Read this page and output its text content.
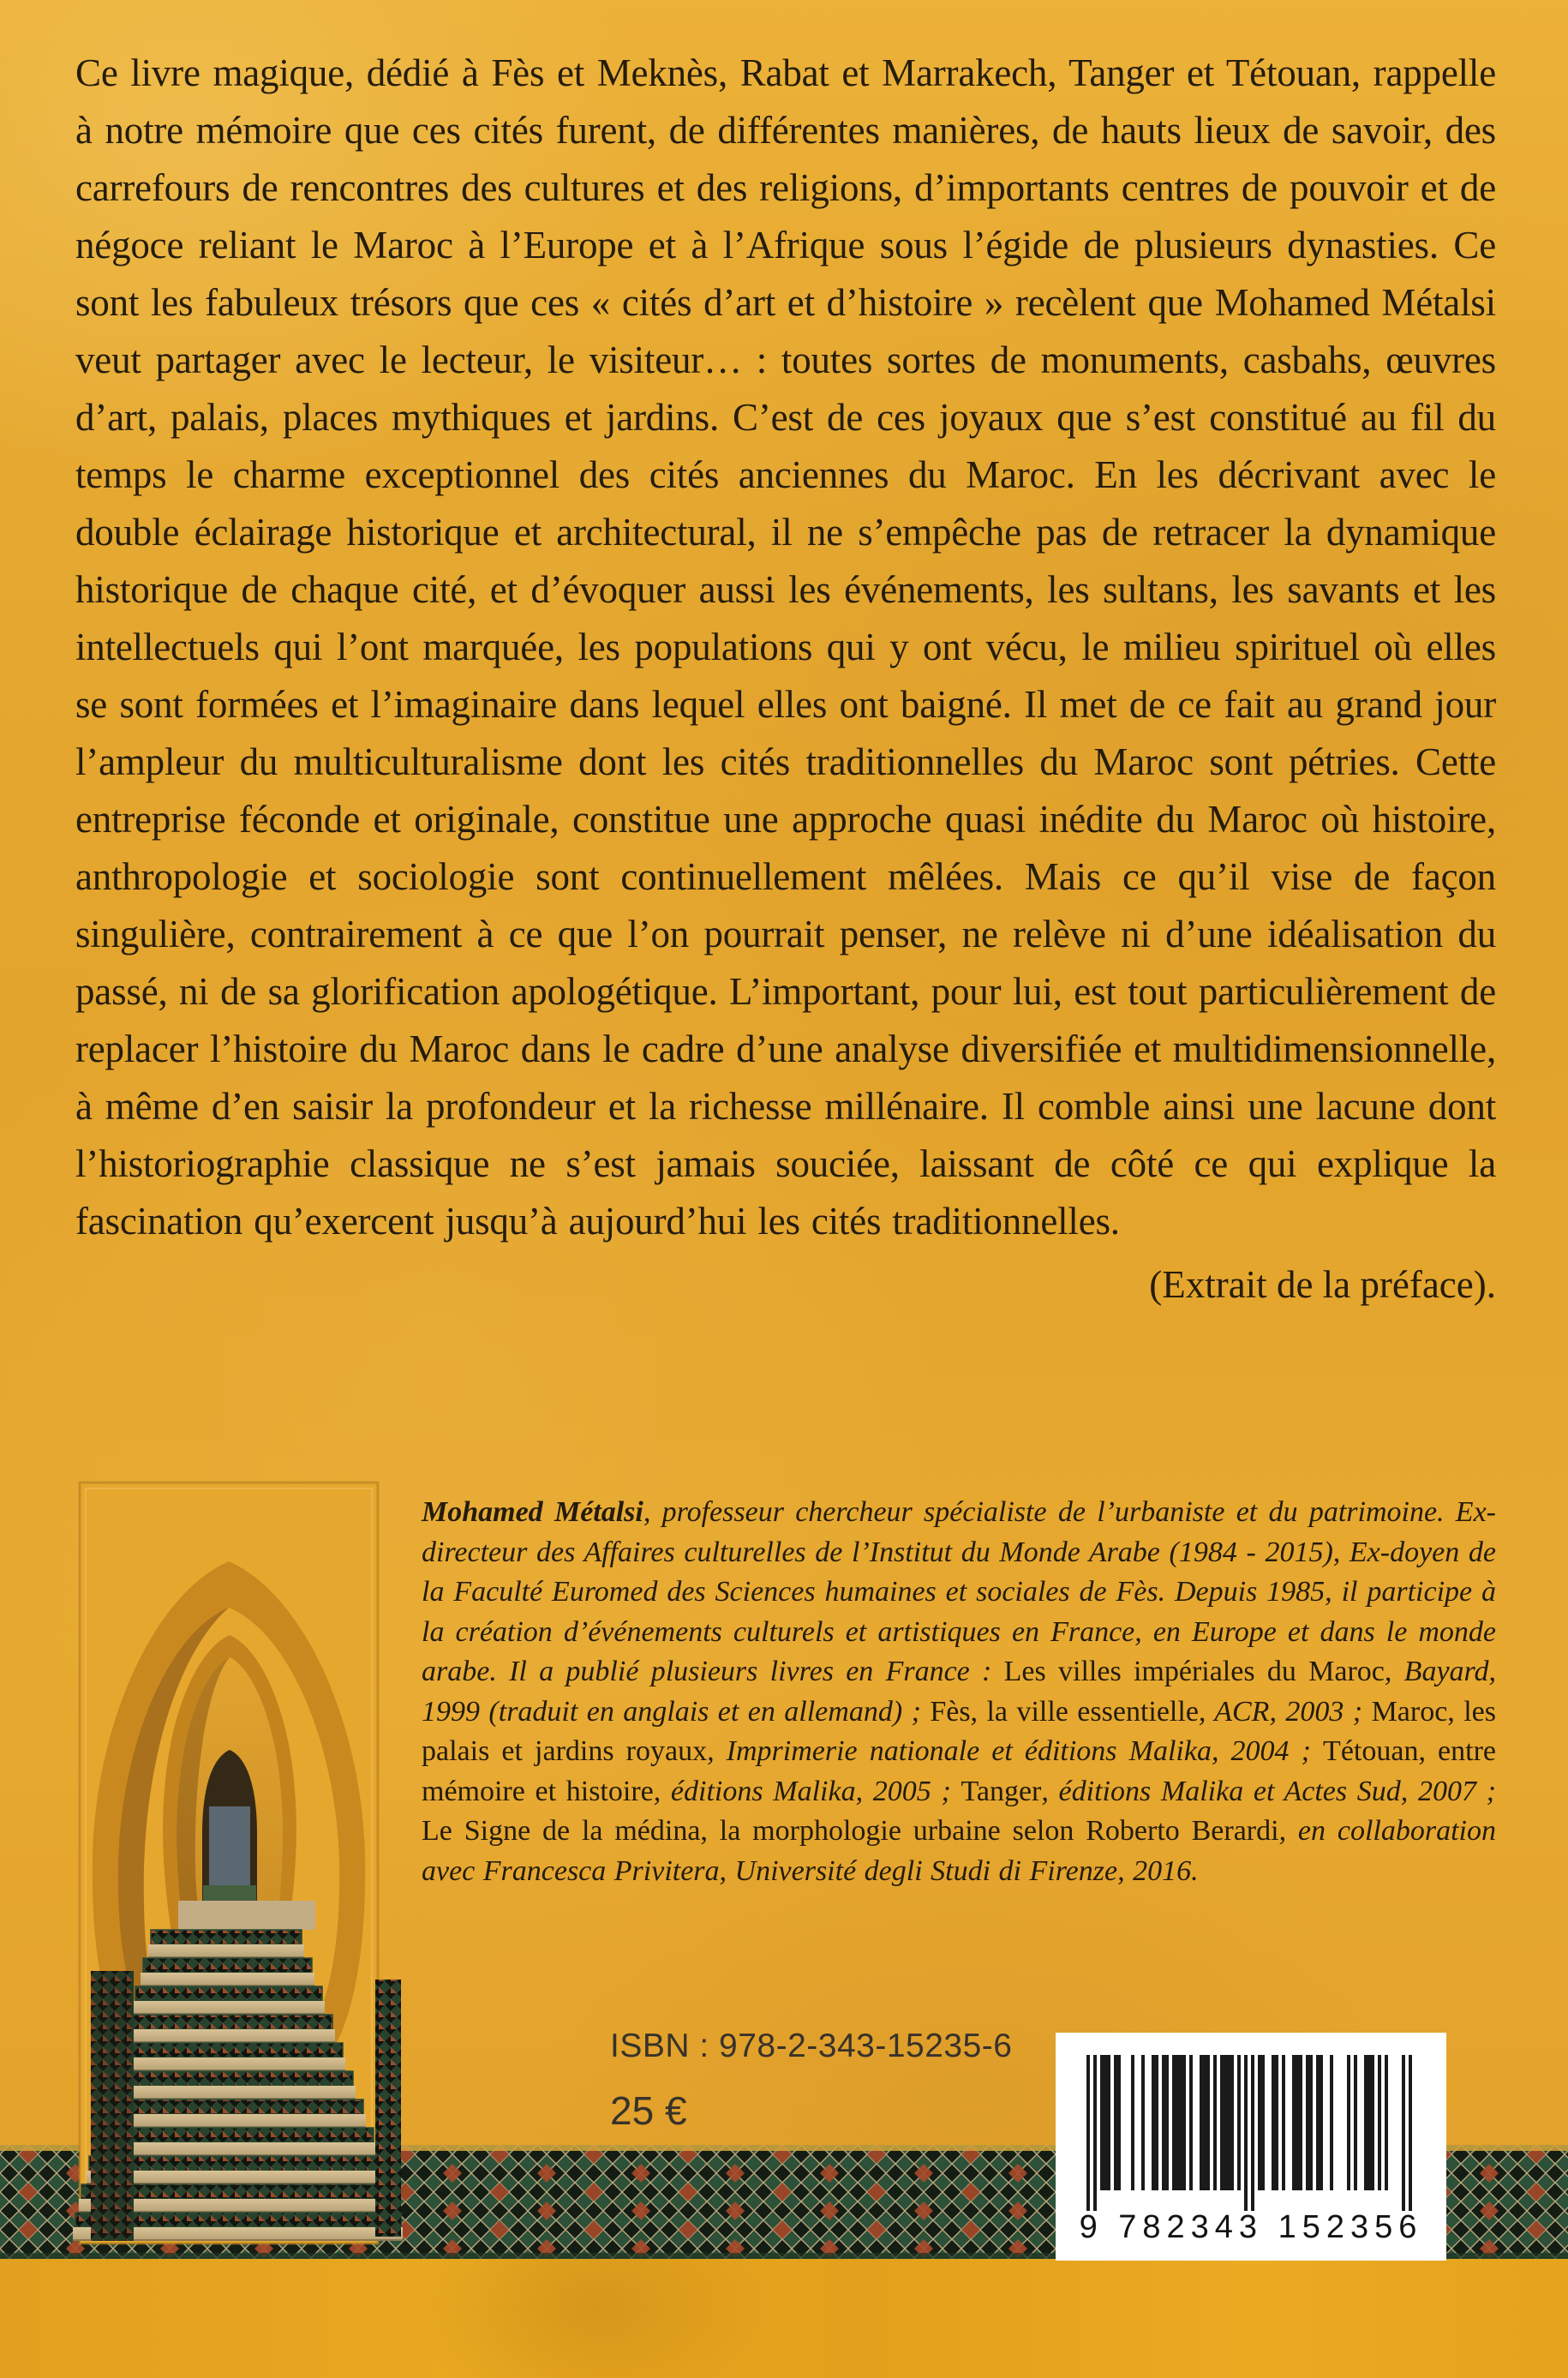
Ce livre magique, dédié à Fès et Meknès, Rabat et Marrakech, Tanger et Tétouan, rappelle à notre mémoire que ces cités furent, de différentes manières, de hauts lieux de savoir, des carrefours de rencontres des cultures et des religions, d’importants centres de pouvoir et de négoce reliant le Maroc à l’Europe et à l’Afrique sous l’égide de plusieurs dynasties. Ce sont les fabuleux trésors que ces « cités d’art et d’histoire » recèlent que Mohamed Métalsi veut partager avec le lecteur, le visiteur… : toutes sortes de monuments, casbahs, œuvres d’art, palais, places mythiques et jardins. C’est de ces joyaux que s’est constitué au fil du temps le charme exceptionnel des cités anciennes du Maroc. En les décrivant avec le double éclairage historique et architectural, il ne s’empêche pas de retracer la dynamique historique de chaque cité, et d’évoquer aussi les événements, les sultans, les savants et les intellectuels qui l’ont marquée, les populations qui y ont vécu, le milieu spirituel où elles se sont formées et l’imaginaire dans lequel elles ont baigné. Il met de ce fait au grand jour l’ampleur du multiculturalisme dont les cités traditionnelles du Maroc sont pétries. Cette entreprise féconde et originale, constitue une approche quasi inédite du Maroc où histoire, anthropologie et sociologie sont continuellement mêlées. Mais ce qu’il vise de façon singulière, contrairement à ce que l’on pourrait penser, ne relève ni d’une idéalisation du passé, ni de sa glorification apologétique. L’important, pour lui, est tout particulièrement de replacer l’histoire du Maroc dans le cadre d’une analyse diversifiée et multidimensionnelle, à même d’en saisir la profondeur et la richesse millénaire. Il comble ainsi une lacune dont l’historiographie classique ne s’est jamais souciée, laissant de côté ce qui explique la fascination qu’exercent jusqu’à aujourd’hui les cités traditionnelles.

(Extrait de la préface).

Mohamed Métalsi, professeur chercheur spécialiste de l’urbaniste et du patrimoine. Ex-directeur des Affaires culturelles de l’Institut du Monde Arabe (1984 - 2015), Ex-doyen de la Faculté Euromed des Sciences humaines et sociales de Fès. Depuis 1985, il participe à la création d’événements culturels et artistiques en France, en Europe et dans le monde arabe. Il a publié plusieurs livres en France : Les villes impériales du Maroc, Bayard, 1999 (traduit en anglais et en allemand) ; Fès, la ville essentielle, ACR, 2003 ; Maroc, les palais et jardins royaux, Imprimerie nationale et éditions Malika, 2004 ; Tétouan, entre mémoire et histoire, éditions Malika, 2005 ; Tanger, éditions Malika et Actes Sud, 2007 ; Le Signe de la médina, la morphologie urbaine selon Roberto Berardi, en collaboration avec Francesca Privitera, Université degli Studi di Firenze, 2016.
ISBN : 978-2-343-15235-6
25 €
9 782343 152356
